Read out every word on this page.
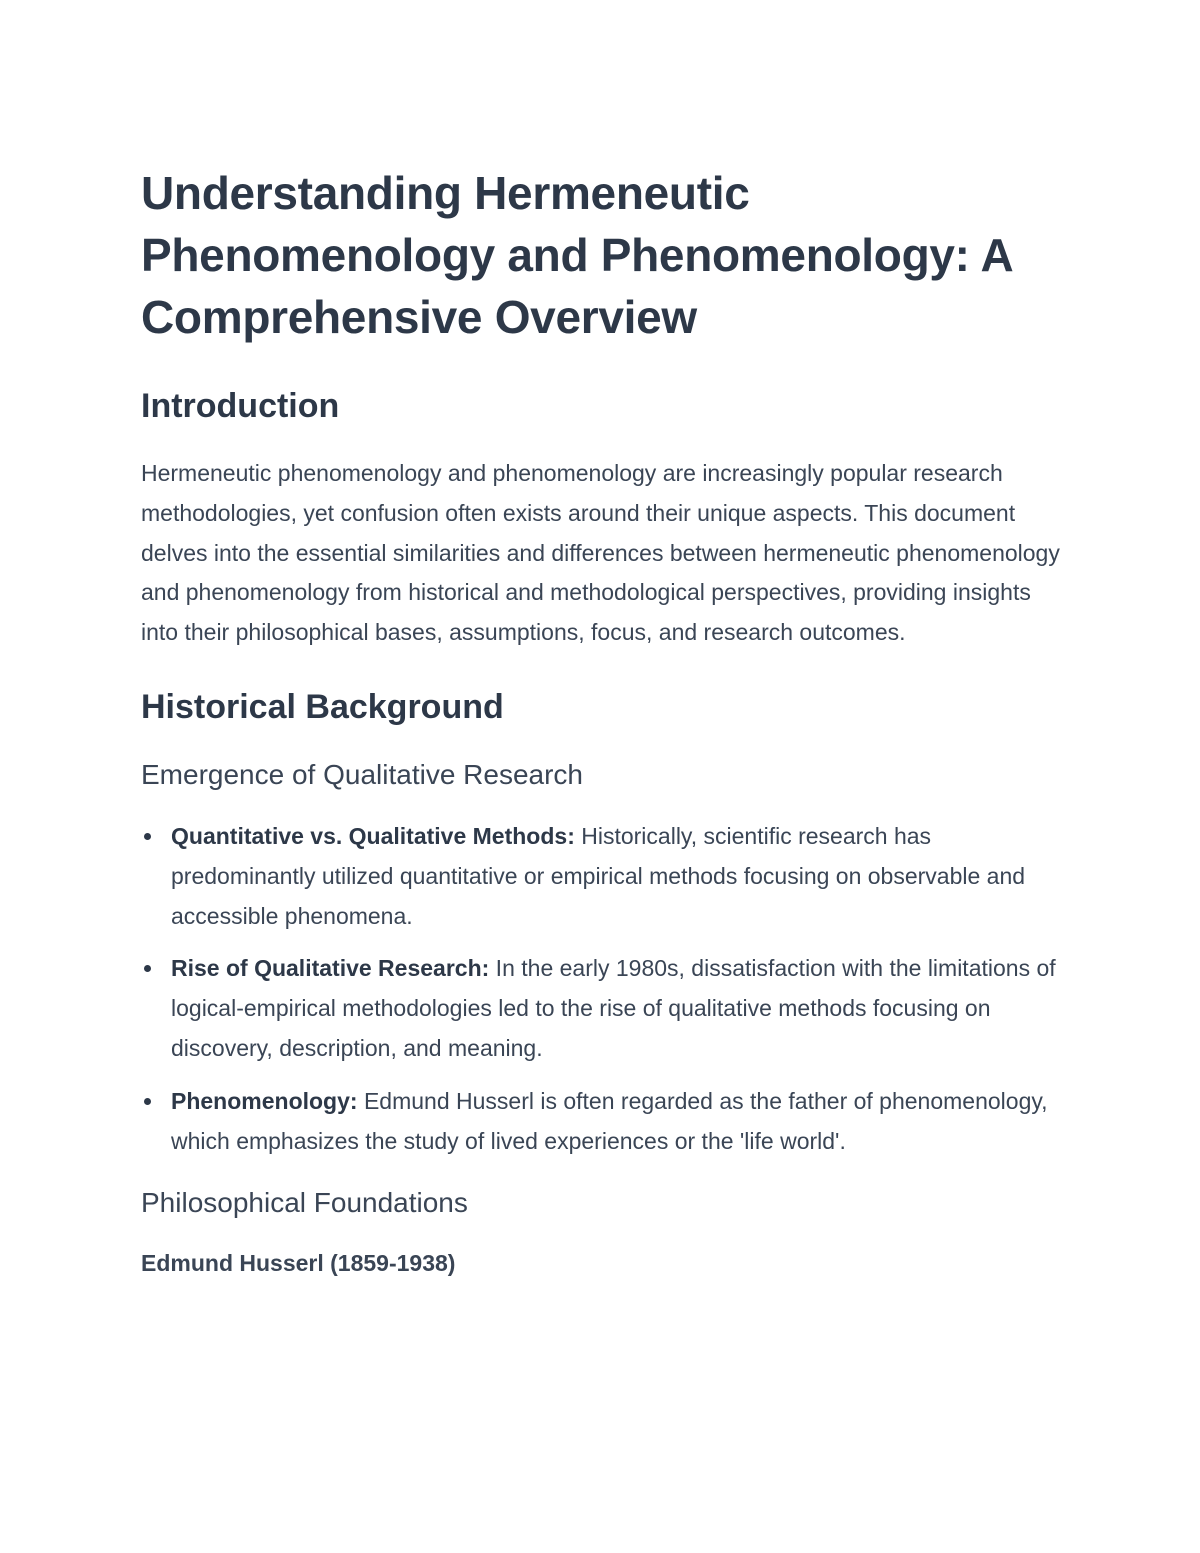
Understanding Hermeneutic Phenomenology and Phenomenology: A Comprehensive Overview
Introduction

Hermeneutic phenomenology and phenomenology are increasingly popular research methodologies, yet confusion often exists around their unique aspects. This document delves into the essential similarities and differences between hermeneutic phenomenology and phenomenology from historical and methodological perspectives, providing insights into their philosophical bases, assumptions, focus, and research outcomes.

Historical Background
Emergence of Qualitative Research
Quantitative vs. Qualitative Methods: Historically, scientific research has predominantly utilized quantitative or empirical methods focusing on observable and accessible phenomena.
Rise of Qualitative Research: In the early 1980s, dissatisfaction with the limitations of logical-empirical methodologies led to the rise of qualitative methods focusing on discovery, description, and meaning.
Phenomenology: Edmund Husserl is often regarded as the father of phenomenology, which emphasizes the study of lived experiences or the 'life world'.
Philosophical Foundations
Edmund Husserl (1859-1938)
